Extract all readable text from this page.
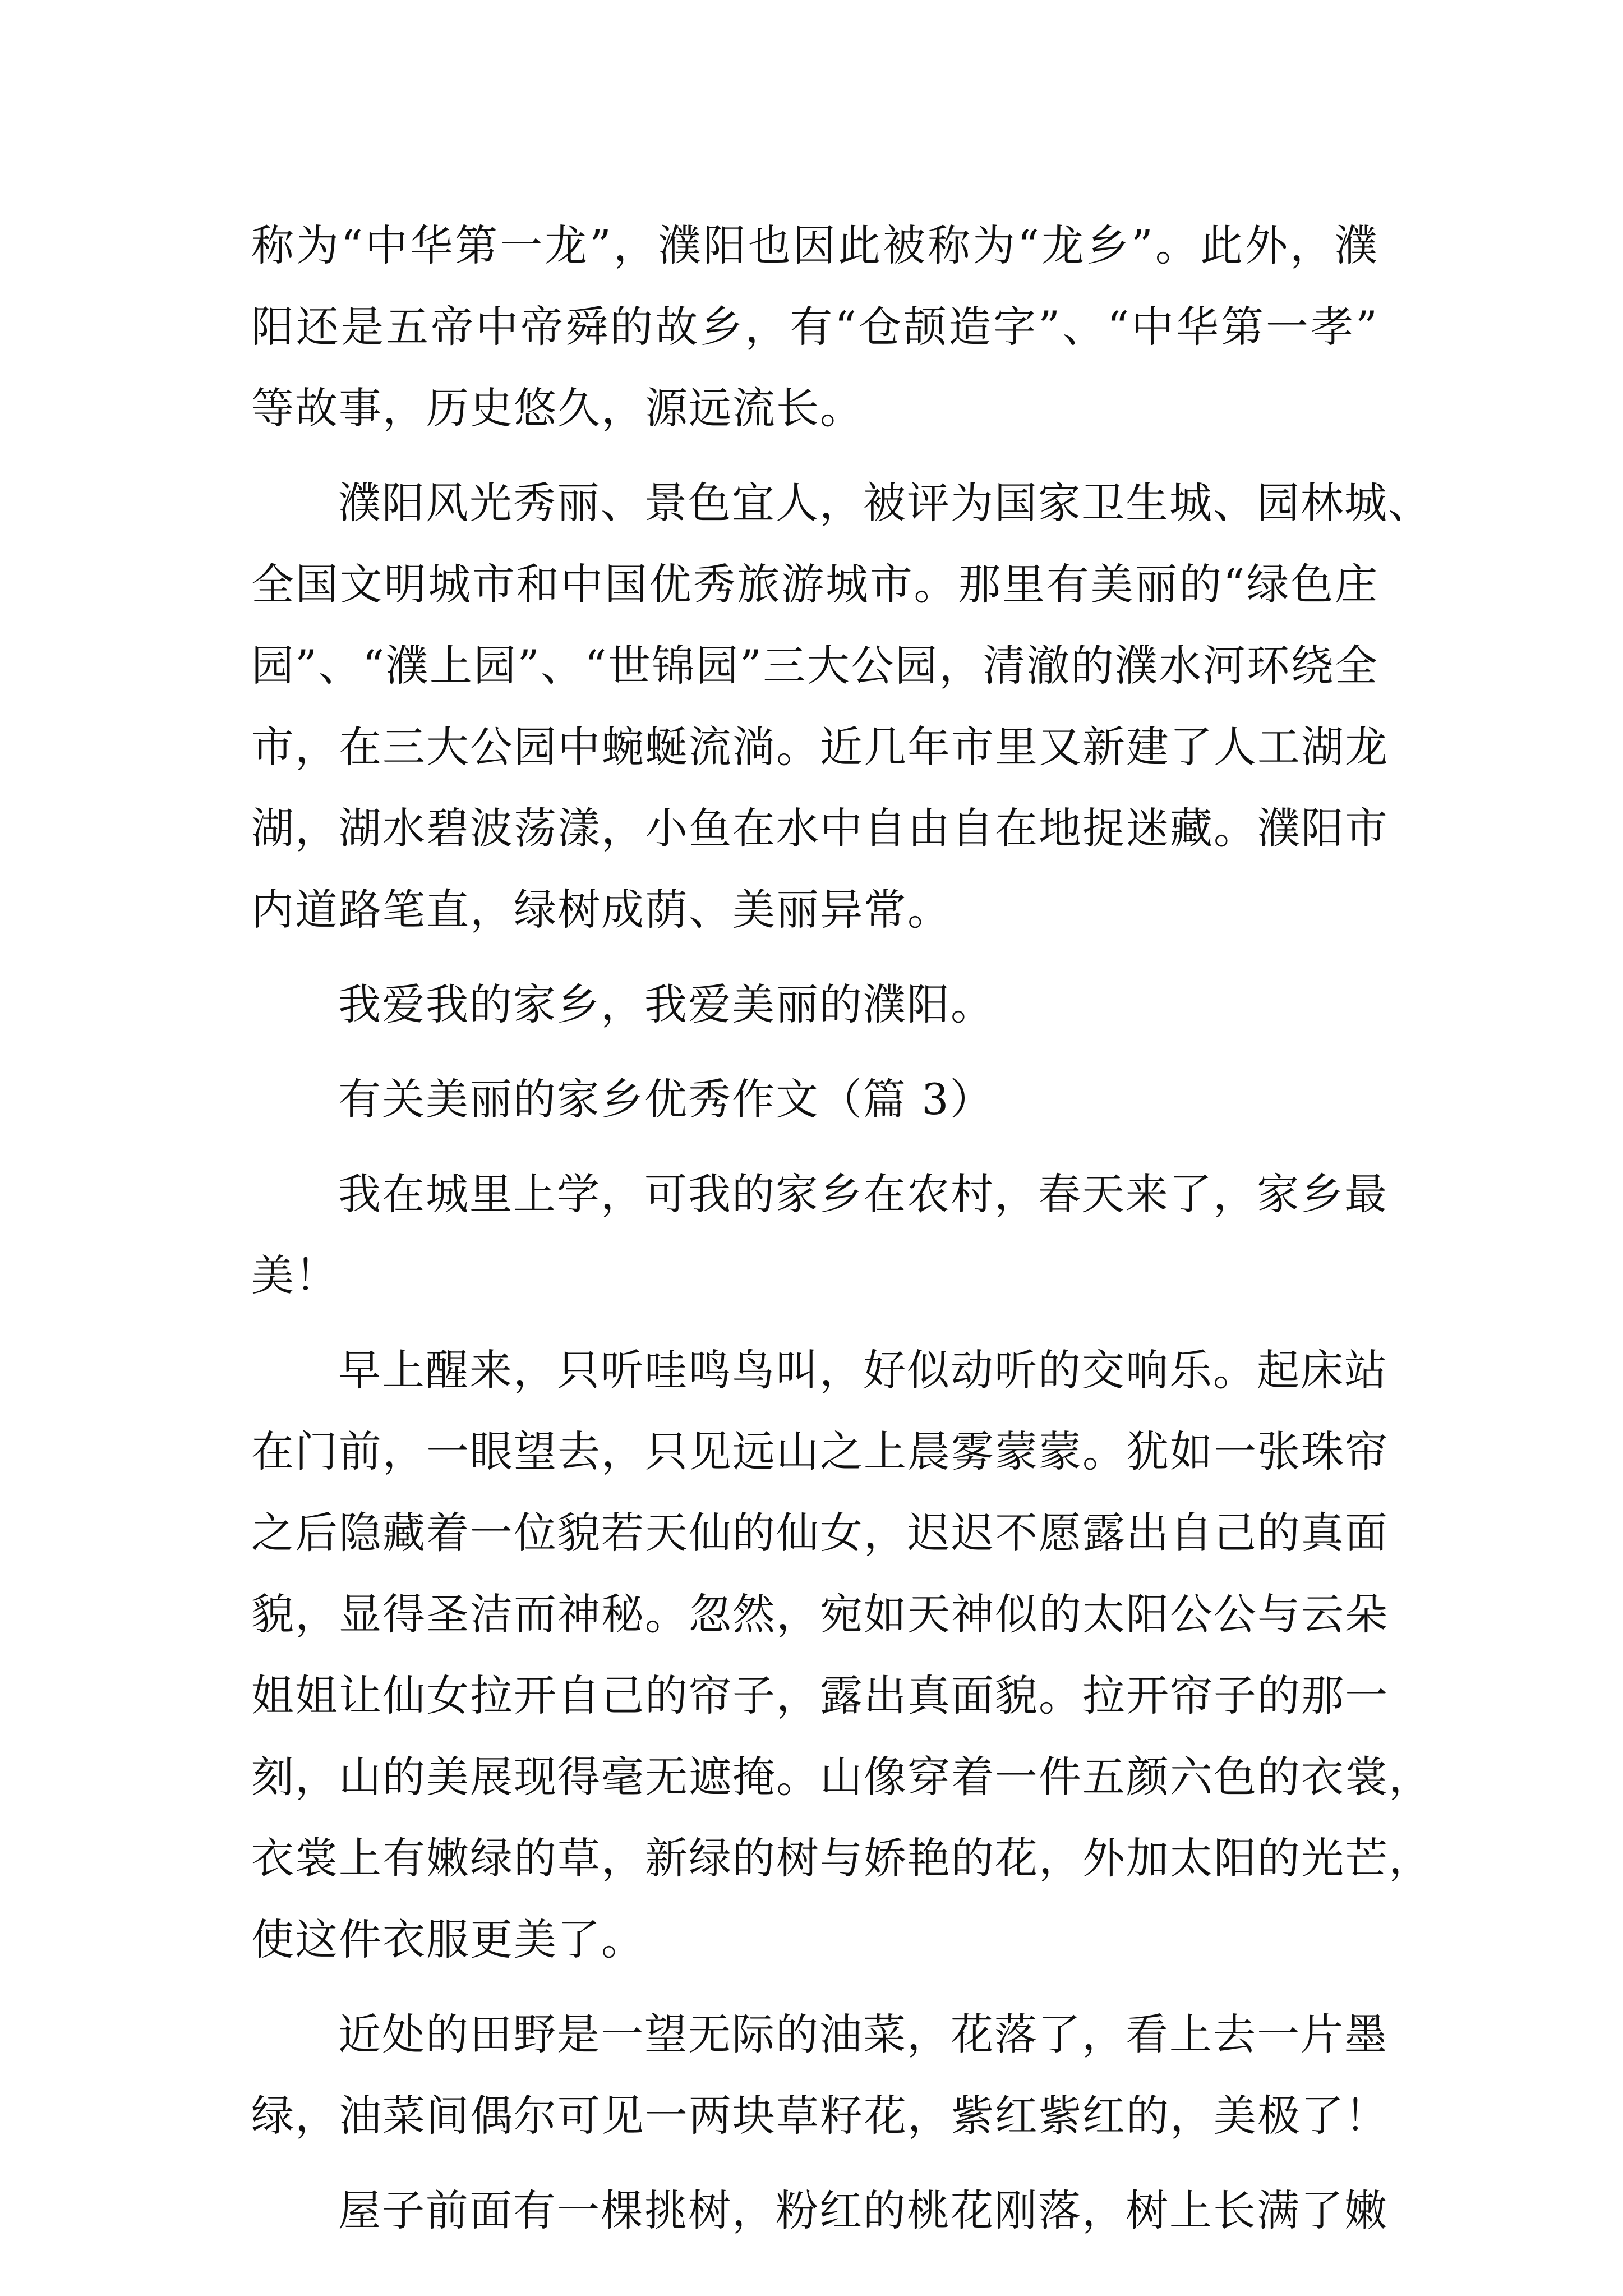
称为“中华第一龙”，濮阳也因此被称为“龙乡”。此外，濮
阳还是五帝中帝舜的故乡，有“仓颉造字”、“中华第一孝”
等故事，历史悠久，源远流长。
濮阳风光秀丽、景色宜人，被评为国家卫生城、园林城、
全国文明城市和中国优秀旅游城市。那里有美丽的“绿色庄
园”、“濮上园”、“世锦园”三大公园，清澈的濮水河环绕全
市，在三大公园中蜿蜒流淌。近几年市里又新建了人工湖龙
湖，湖水碧波荡漾，小鱼在水中自由自在地捉迷藏。濮阳市
内道路笔直，绿树成荫、美丽异常。
我爱我的家乡，我爱美丽的濮阳。
有关美丽的家乡优秀作文（篇 3）
我在城里上学，可我的家乡在农村，春天来了，家乡最
美！
早上醒来，只听哇鸣鸟叫，好似动听的交响乐。起床站
在门前，一眼望去，只见远山之上晨雾蒙蒙。犹如一张珠帘
之后隐藏着一位貌若天仙的仙女，迟迟不愿露出自己的真面
貌，显得圣洁而神秘。忽然，宛如天神似的太阳公公与云朵
姐姐让仙女拉开自己的帘子，露出真面貌。拉开帘子的那一
刻，山的美展现得毫无遮掩。山像穿着一件五颜六色的衣裳，
衣裳上有嫩绿的草，新绿的树与娇艳的花，外加太阳的光芒，
使这件衣服更美了。
近处的田野是一望无际的油菜，花落了，看上去一片墨
绿，油菜间偶尔可见一两块草籽花，紫红紫红的，美极了！
屋子前面有一棵挑树，粉红的桃花刚落，树上长满了嫩
